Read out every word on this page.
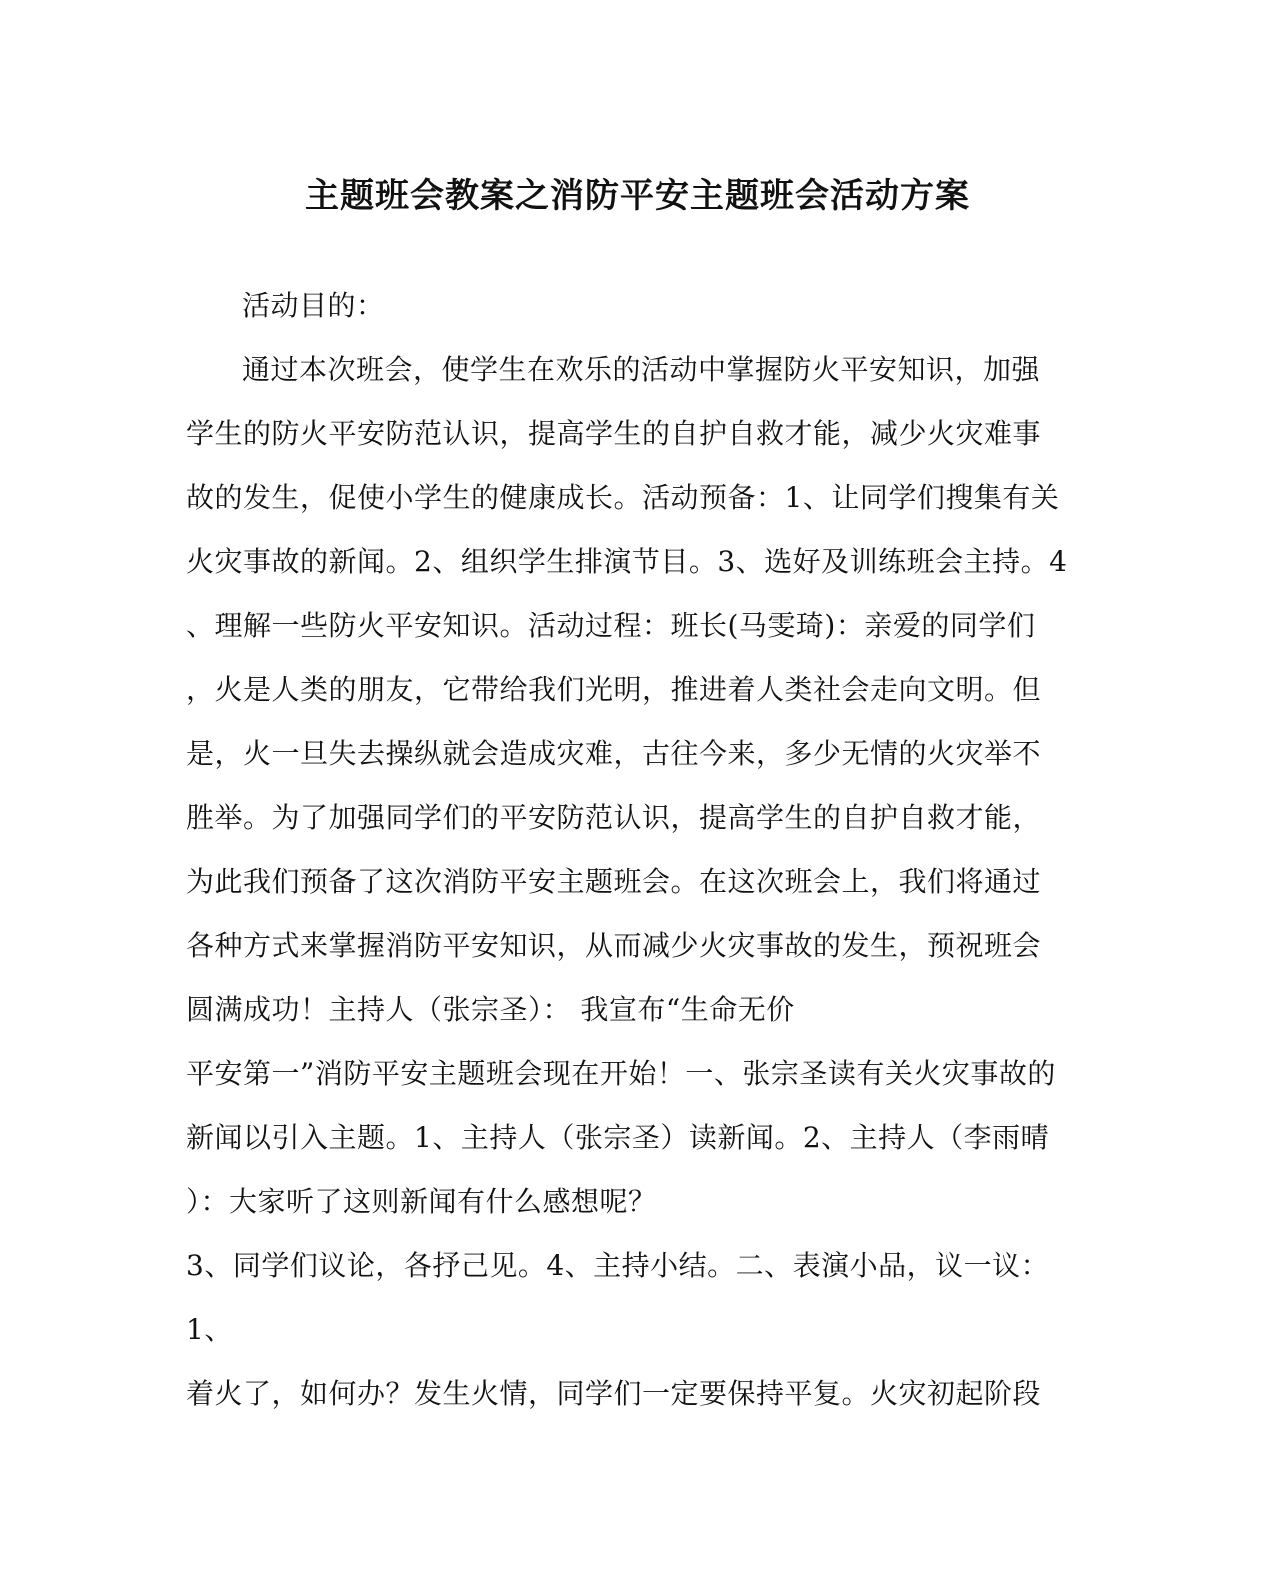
主题班会教案之消防平安主题班会活动方案
活动目的：
通过本次班会，使学生在欢乐的活动中掌握防火平安知识，加强
学生的防火平安防范认识，提高学生的自护自救才能，减少火灾难事
故的发生，促使小学生的健康成长。活动预备：1、让同学们搜集有关
火灾事故的新闻。2、组织学生排演节目。3、选好及训练班会主持。4
、理解一些防火平安知识。活动过程：班长(马雯琦)：亲爱的同学们
，火是人类的朋友，它带给我们光明，推进着人类社会走向文明。但
是，火一旦失去操纵就会造成灾难，古往今来，多少无情的火灾举不
胜举。为了加强同学们的平安防范认识，提高学生的自护自救才能，
为此我们预备了这次消防平安主题班会。在这次班会上，我们将通过
各种方式来掌握消防平安知识，从而减少火灾事故的发生，预祝班会
圆满成功！主持人（张宗圣）： 我宣布“生命无价
平安第一”消防平安主题班会现在开始！一、张宗圣读有关火灾事故的
新闻以引入主题。1、主持人（张宗圣）读新闻。2、主持人（李雨晴
）：大家听了这则新闻有什么感想呢？
3、同学们议论，各抒己见。4、主持小结。二、表演小品，议一议：
1、
着火了，如何办？发生火情，同学们一定要保持平复。火灾初起阶段
